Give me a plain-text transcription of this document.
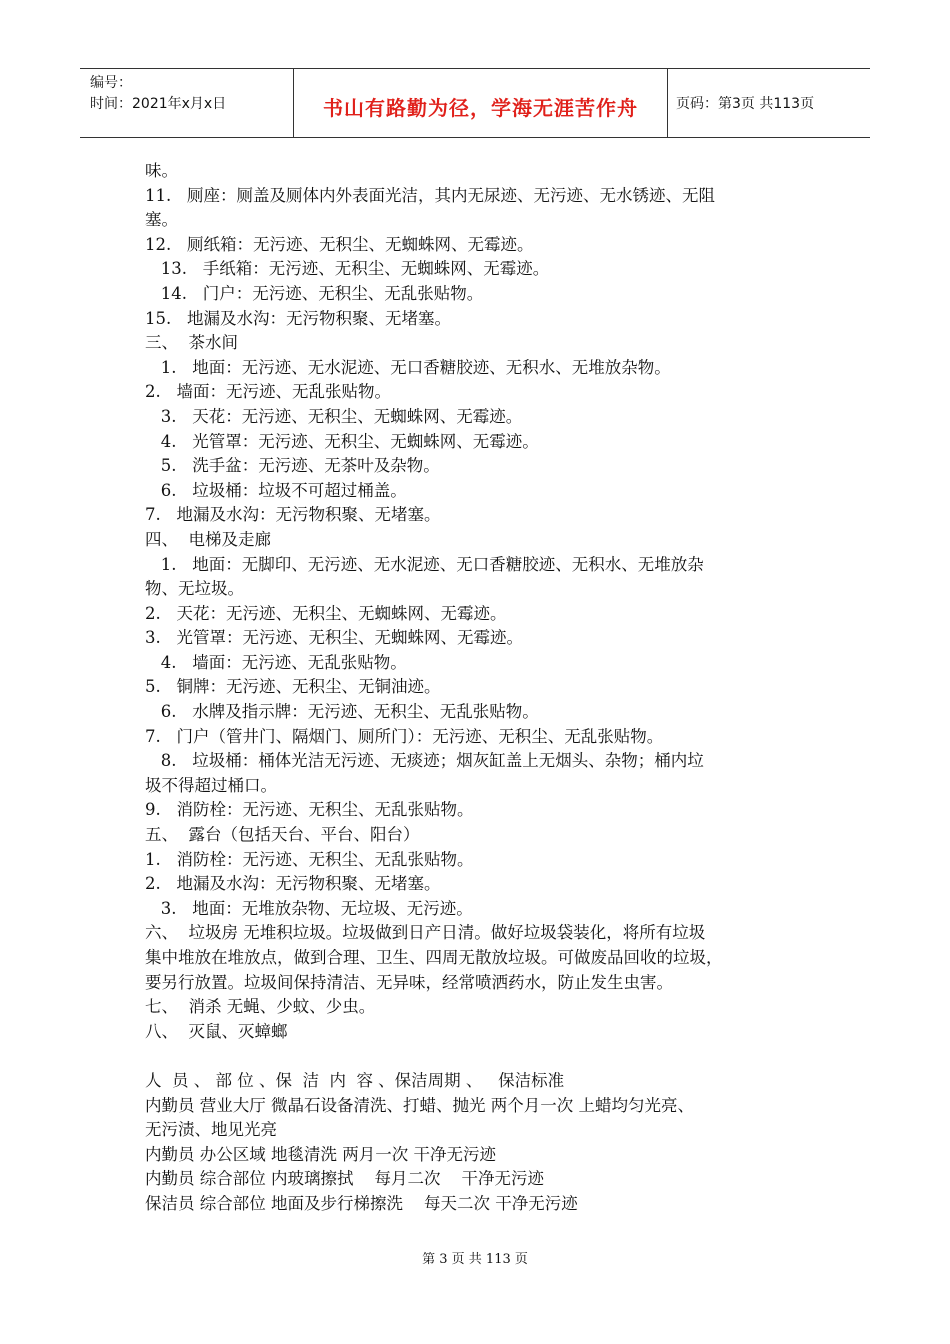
编号：
时间：2021年x月x日	书山有路勤为径，学海无涯苦作舟	页码：第3页 共113页
味。
11.   厕座：厕盖及厕体内外表面光洁，其内无尿迹、无污迹、无水锈迹、无阻
塞。
12.   厕纸箱：无污迹、无积尘、无蜘蛛网、无霉迹。
13.   手纸箱：无污迹、无积尘、无蜘蛛网、无霉迹。
14.   门户：无污迹、无积尘、无乱张贴物。
15.   地漏及水沟：无污物积聚、无堵塞。
三、  茶水间
1.   地面：无污迹、无水泥迹、无口香糖胶迹、无积水、无堆放杂物。
2.   墙面：无污迹、无乱张贴物。
3.   天花：无污迹、无积尘、无蜘蛛网、无霉迹。
4.   光管罩：无污迹、无积尘、无蜘蛛网、无霉迹。
5.   洗手盆：无污迹、无茶叶及杂物。
6.   垃圾桶：垃圾不可超过桶盖。
7.   地漏及水沟：无污物积聚、无堵塞。
四、  电梯及走廊
1.   地面：无脚印、无污迹、无水泥迹、无口香糖胶迹、无积水、无堆放杂
物、无垃圾。
2.   天花：无污迹、无积尘、无蜘蛛网、无霉迹。
3.   光管罩：无污迹、无积尘、无蜘蛛网、无霉迹。
4.   墙面：无污迹、无乱张贴物。
5.   铜牌：无污迹、无积尘、无铜油迹。
6.   水牌及指示牌：无污迹、无积尘、无乱张贴物。
7.   门户（管井门、隔烟门、厕所门）：无污迹、无积尘、无乱张贴物。
8.   垃圾桶：桶体光洁无污迹、无痰迹；烟灰缸盖上无烟头、杂物；桶内垃
圾不得超过桶口。
9.   消防栓：无污迹、无积尘、无乱张贴物。
五、  露台（包括天台、平台、阳台）
1.   消防栓：无污迹、无积尘、无乱张贴物。
2.   地漏及水沟：无污物积聚、无堵塞。
3.   地面：无堆放杂物、无垃圾、无污迹。
六、  垃圾房 无堆积垃圾。垃圾做到日产日清。做好垃圾袋装化，将所有垃圾
集中堆放在堆放点，做到合理、卫生、四周无散放垃圾。可做废品回收的垃圾，
要另行放置。垃圾间保持清洁、无异味，经常喷洒药水，防止发生虫害。
七、  消杀 无蝇、少蚊、少虫。
八、  灭鼠、灭蟑螂
人  员 、 部 位 、保  洁  内  容 、保洁周期 、   保洁标准
内勤员 营业大厅 微晶石设备清洗、打蜡、抛光 两个月一次 上蜡均匀光亮、
无污渍、地见光亮
内勤员 办公区域 地毯清洗 两月一次 干净无污迹
内勤员 综合部位 内玻璃擦拭    每月二次    干净无污迹
保洁员 综合部位 地面及步行梯擦洗    每天二次 干净无污迹
第 3 页 共 113 页
